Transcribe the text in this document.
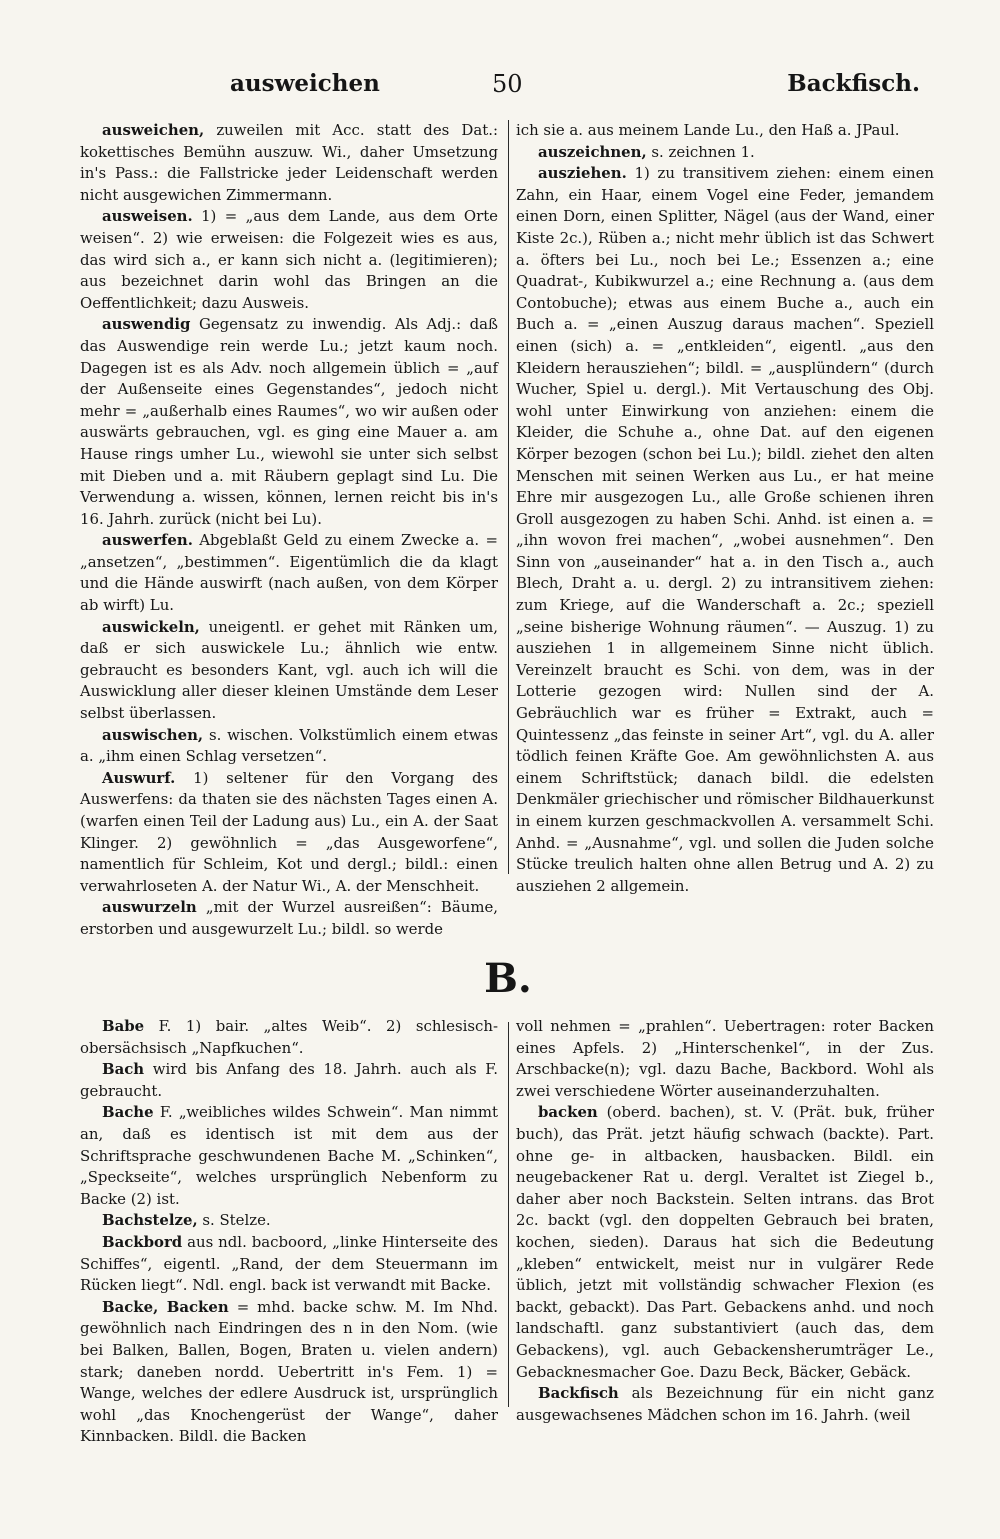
ausweichen	50	Backfisch.

ausweichen, zuweilen mit Acc. statt des Dat.: kokettisches Bemühn auszuw. Wi., daher Umsetzung in's Pass.: die Fallstricke jeder Leidenschaft werden nicht ausgewichen Zimmermann.

ausweisen. 1) = „aus dem Lande, aus dem Orte weisen“. 2) wie erweisen: die Folgezeit wies es aus, das wird sich a., er kann sich nicht a. (legitimieren); aus bezeichnet darin wohl das Bringen an die Oeffentlichkeit; dazu Ausweis.

auswendig Gegensatz zu inwendig. Als Adj.: daß das Auswendige rein werde Lu.; jetzt kaum noch. Dagegen ist es als Adv. noch allgemein üblich = „auf der Außenseite eines Gegenstandes“, jedoch nicht mehr = „außerhalb eines Raumes“, wo wir außen oder auswärts gebrauchen, vgl. es ging eine Mauer a. am Hause rings umher Lu., wiewohl sie unter sich selbst mit Dieben und a. mit Räubern geplagt sind Lu. Die Verwendung a. wissen, können, lernen reicht bis in's 16. Jahrh. zurück (nicht bei Lu).

auswerfen. Abgeblaßt Geld zu einem Zwecke a. = „ansetzen“, „bestimmen“. Eigentümlich die da klagt und die Hände auswirft (nach außen, von dem Körper ab wirft) Lu.

auswickeln, uneigentl. er gehet mit Ränken um, daß er sich auswickele Lu.; ähnlich wie entw. gebraucht es besonders Kant, vgl. auch ich will die Auswicklung aller dieser kleinen Umstände dem Leser selbst überlassen.

auswischen, s. wischen. Volkstümlich einem etwas a. „ihm einen Schlag versetzen“.

Auswurf. 1) seltener für den Vorgang des Auswerfens: da thaten sie des nächsten Tages einen A. (warfen einen Teil der Ladung aus) Lu., ein A. der Saat Klinger. 2) gewöhnlich = „das Ausgeworfene“, namentlich für Schleim, Kot und dergl.; bildl.: einen verwahrloseten A. der Natur Wi., A. der Menschheit.

auswurzeln „mit der Wurzel ausreißen“: Bäume, erstorben und ausgewurzelt Lu.; bildl. so werde

ich sie a. aus meinem Lande Lu., den Haß a. JPaul.

auszeichnen, s. zeichnen 1.

ausziehen. 1) zu transitivem ziehen: einem einen Zahn, ein Haar, einem Vogel eine Feder, jemandem einen Dorn, einen Splitter, Nägel (aus der Wand, einer Kiste 2c.), Rüben a.; nicht mehr üblich ist das Schwert a. öfters bei Lu., noch bei Le.; Essenzen a.; eine Quadrat-, Kubikwurzel a.; eine Rechnung a. (aus dem Contobuche); etwas aus einem Buche a., auch ein Buch a. = „einen Auszug daraus machen“. Speziell einen (sich) a. = „entkleiden“, eigentl. „aus den Kleidern herausziehen“; bildl. = „ausplündern“ (durch Wucher, Spiel u. dergl.). Mit Vertauschung des Obj. wohl unter Einwirkung von anziehen: einem die Kleider, die Schuhe a., ohne Dat. auf den eigenen Körper bezogen (schon bei Lu.); bildl. ziehet den alten Menschen mit seinen Werken aus Lu., er hat meine Ehre mir ausgezogen Lu., alle Große schienen ihren Groll ausgezogen zu haben Schi. Anhd. ist einen a. = „ihn wovon frei machen“, „wobei ausnehmen“. Den Sinn von „auseinander“ hat a. in den Tisch a., auch Blech, Draht a. u. dergl. 2) zu intransitivem ziehen: zum Kriege, auf die Wanderschaft a. 2c.; speziell „seine bisherige Wohnung räumen“. — Auszug. 1) zu ausziehen 1 in allgemeinem Sinne nicht üblich. Vereinzelt braucht es Schi. von dem, was in der Lotterie gezogen wird: Nullen sind der A. Gebräuchlich war es früher = Extrakt, auch = Quintessenz „das feinste in seiner Art“, vgl. du A. aller tödlich feinen Kräfte Goe. Am gewöhnlichsten A. aus einem Schriftstück; danach bildl. die edelsten Denkmäler griechischer und römischer Bildhauerkunst in einem kurzen geschmackvollen A. versammelt Schi. Anhd. = „Ausnahme“, vgl. und sollen die Juden solche Stücke treulich halten ohne allen Betrug und A. 2) zu ausziehen 2 allgemein.

B.

Babe F. 1) bair. „altes Weib“. 2) schlesisch-obersächsisch „Napfkuchen“.

Bach wird bis Anfang des 18. Jahrh. auch als F. gebraucht.

Bache F. „weibliches wildes Schwein“. Man nimmt an, daß es identisch ist mit dem aus der Schriftsprache geschwundenen Bache M. „Schinken“, „Speckseite“, welches ursprünglich Nebenform zu Backe (2) ist.

Bachstelze, s. Stelze.

Backbord aus ndl. bacboord, „linke Hinterseite des Schiffes“, eigentl. „Rand, der dem Steuermann im Rücken liegt“. Ndl. engl. back ist verwandt mit Backe.

Backe, Backen = mhd. backe schw. M. Im Nhd. gewöhnlich nach Eindringen des n in den Nom. (wie bei Balken, Ballen, Bogen, Braten u. vielen andern) stark; daneben nordd. Uebertritt in's Fem. 1) = Wange, welches der edlere Ausdruck ist, ursprünglich wohl „das Knochengerüst der Wange“, daher Kinnbacken. Bildl. die Backen

voll nehmen = „prahlen“. Uebertragen: roter Backen eines Apfels. 2) „Hinterschenkel“, in der Zus. Arschbacke(n); vgl. dazu Bache, Backbord. Wohl als zwei verschiedene Wörter auseinanderzuhalten.

backen (oberd. bachen), st. V. (Prät. buk, früher buch), das Prät. jetzt häufig schwach (backte). Part. ohne ge- in altbacken, hausbacken. Bildl. ein neugebackener Rat u. dergl. Veraltet ist Ziegel b., daher aber noch Backstein. Selten intrans. das Brot 2c. backt (vgl. den doppelten Gebrauch bei braten, kochen, sieden). Daraus hat sich die Bedeutung „kleben“ entwickelt, meist nur in vulgärer Rede üblich, jetzt mit vollständig schwacher Flexion (es backt, gebackt). Das Part. Gebackens anhd. und noch landschaftl. ganz substantiviert (auch das, dem Gebackens), vgl. auch Gebackensherumträger Le., Gebacknesmacher Goe. Dazu Beck, Bäcker, Gebäck.

Backfisch als Bezeichnung für ein nicht ganz ausgewachsenes Mädchen schon im 16. Jahrh. (weil
